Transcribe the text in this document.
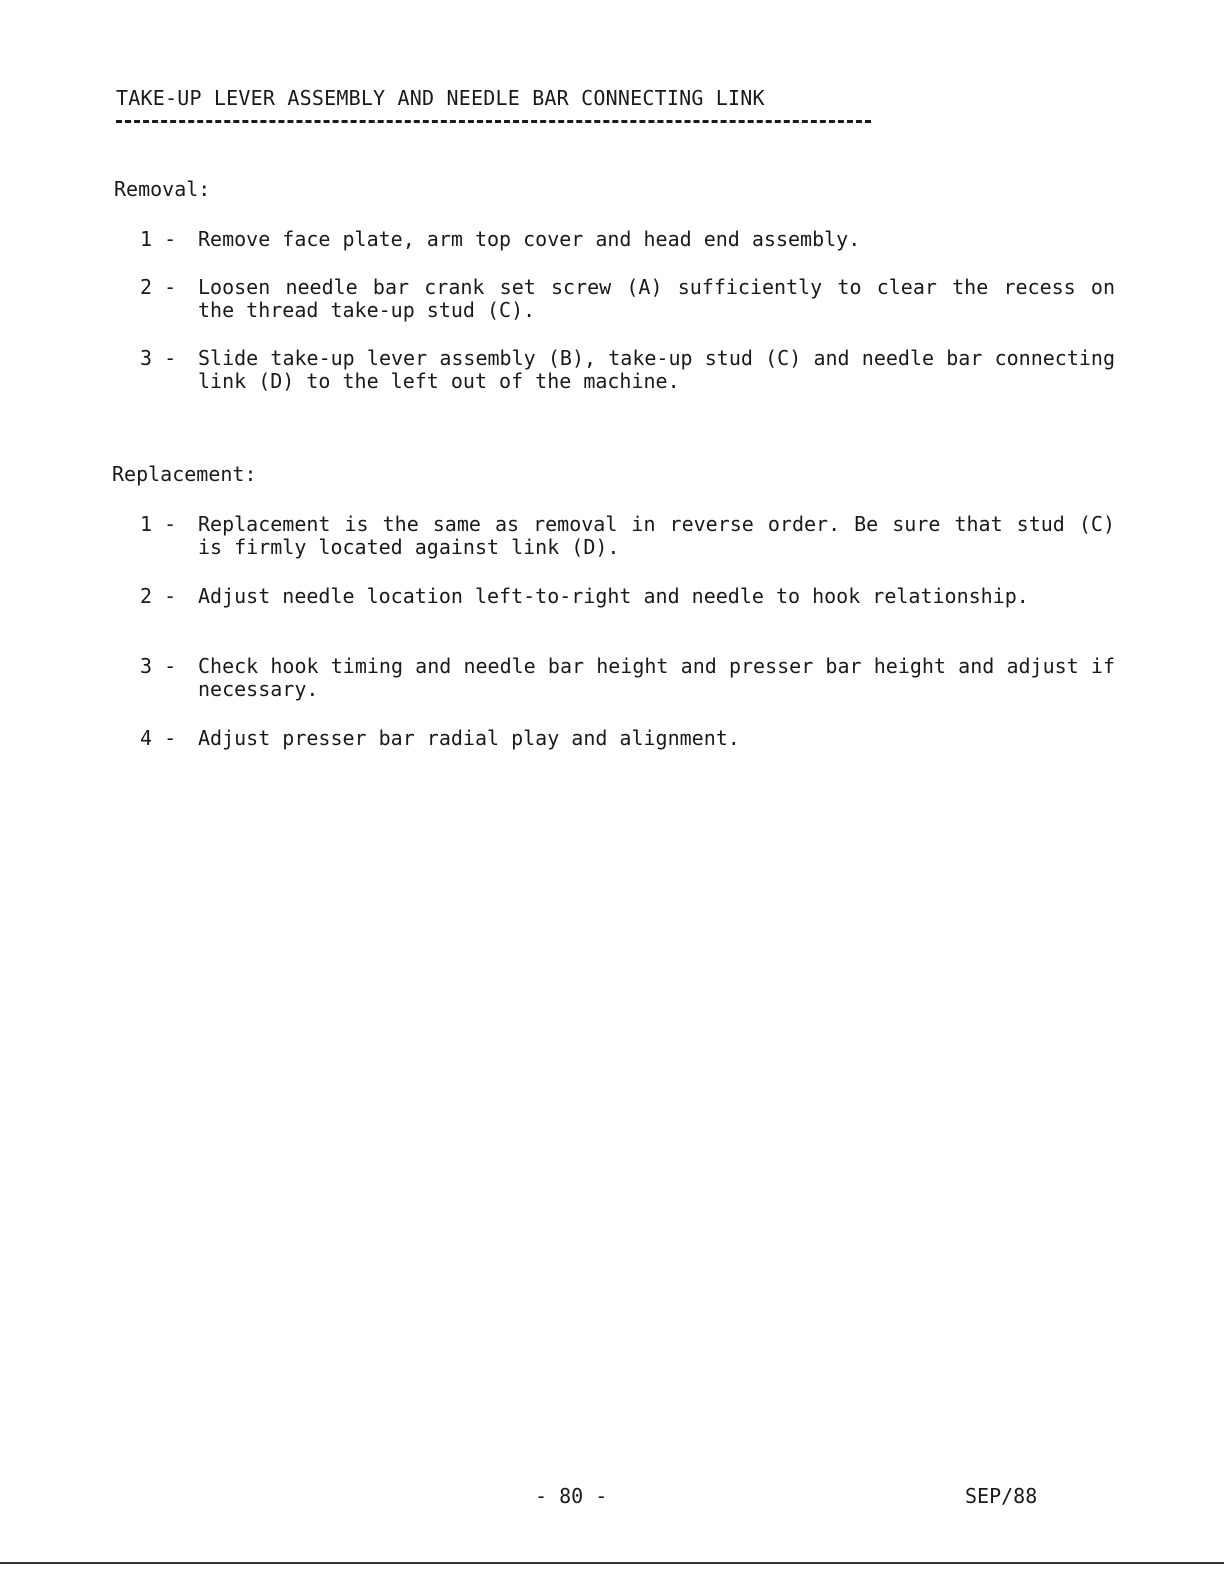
TAKE-UP LEVER ASSEMBLY AND NEEDLE BAR CONNECTING LINK
Removal:
1 -	Remove face plate, arm top cover and head end assembly.
2 -	Loosen needle bar crank set screw (A) sufficiently to clear the recess on the thread take-up stud (C).
3 -	Slide take-up lever assembly (B), take-up stud (C) and needle bar connecting link (D) to the left out of the machine.
Replacement:
1 -	Replacement is the same as removal in reverse order. Be sure that stud (C) is firmly located against link (D).
2 -	Adjust needle location left-to-right and needle to hook relationship.
3 -	Check hook timing and needle bar height and presser bar height and adjust if necessary.
4 -	Adjust presser bar radial play and alignment.
- 80 -	SEP/88
